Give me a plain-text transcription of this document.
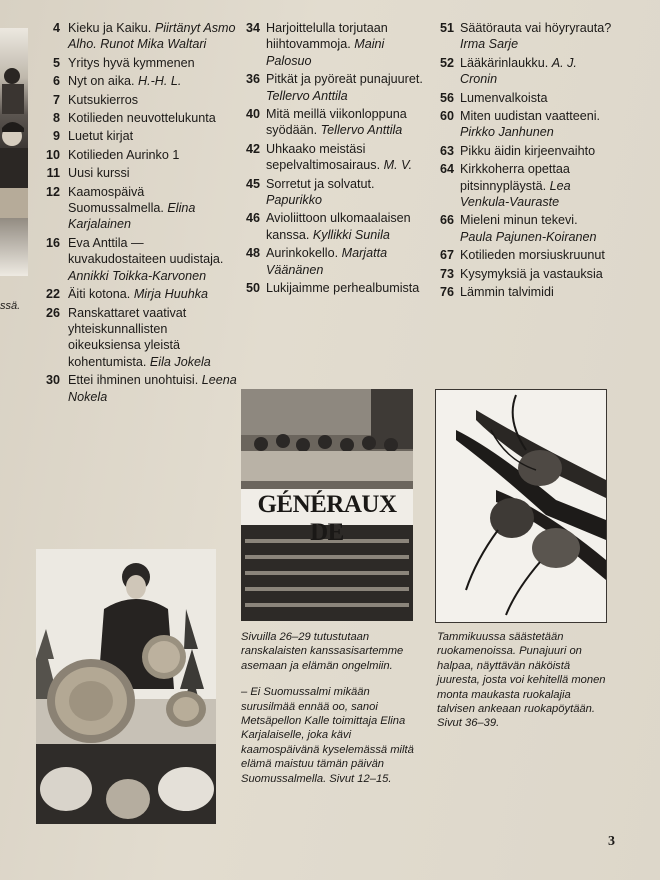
ssä.
4 Kieku ja Kaiku. Piirtänyt Asmo Alho. Runot Mika Waltari
5 Yritys hyvä kymmenen
6 Nyt on aika. H.-H. L.
7 Kutsukierros
8 Kotilieden neuvottelukunta
9 Luetut kirjat
10 Kotilieden Aurinko 1
11 Uusi kurssi
12 Kaamospäivä Suomussalmella. Elina Karjalainen
16 Eva Anttila — kuvakudostaiteen uudistaja. Annikki Toikka-Karvonen
22 Äiti kotona. Mirja Huuhka
26 Ranskattaret vaativat yhteiskunnallisten oikeuksiensa yleistä kohentumista. Eila Jokela
30 Ettei ihminen unohtuisi. Leena Nokela
34 Harjoittelulla torjutaan hiihtovammoja. Maini Palosuo
36 Pitkät ja pyöreät punajuuret. Tellervo Anttila
40 Mitä meillä viikonloppuna syödään. Tellervo Anttila
42 Uhkaako meistäsi sepelvaltimosairaus. M. V.
45 Sorretut ja solvatut. Papurikko
46 Avioliittoon ulkomaalaisen kanssa. Kyllikki Sunila
48 Aurinkokello. Marjatta Väänänen
50 Lukijaimme perhealbumista
51 Säätörauta vai höyryrauta? Irma Sarje
52 Lääkärinlaukku. A. J. Cronin
56 Lumenvalkoista
60 Miten uudistan vaatteeni. Pirkko Janhunen
63 Pikku äidin kirjeenvaihto
64 Kirkkoherra opettaa pitsinnypläystä. Lea Venkula-Vauraste
66 Mieleni minun tekevi. Paula Pajunen-Koiranen
67 Kotilieden morsiuskruunut
73 Kysymyksiä ja vastauksia
76 Lämmin talvimidi
GÉNÉRAUX DE
Sivuilla 26–29 tutustutaan ranskalaisten kanssasisartemme asemaan ja elämän ongelmiin.
– Ei Suomussalmi mikään surusilmää ennää oo, sanoi Metsäpellon Kalle toimittaja Elina Karjalaiselle, joka kävi kaamospäivänä kyselemässä miltä elämä maistuu tämän päivän Suomussalmella. Sivut 12–15.
Tammikuussa säästetään ruokamenoissa. Punajuuri on halpaa, näyttävän näköistä juuresta, josta voi kehitellä monen monta maukasta ruokalajia talvisen ankeaan ruokapöytään. Sivut 36–39.
3
